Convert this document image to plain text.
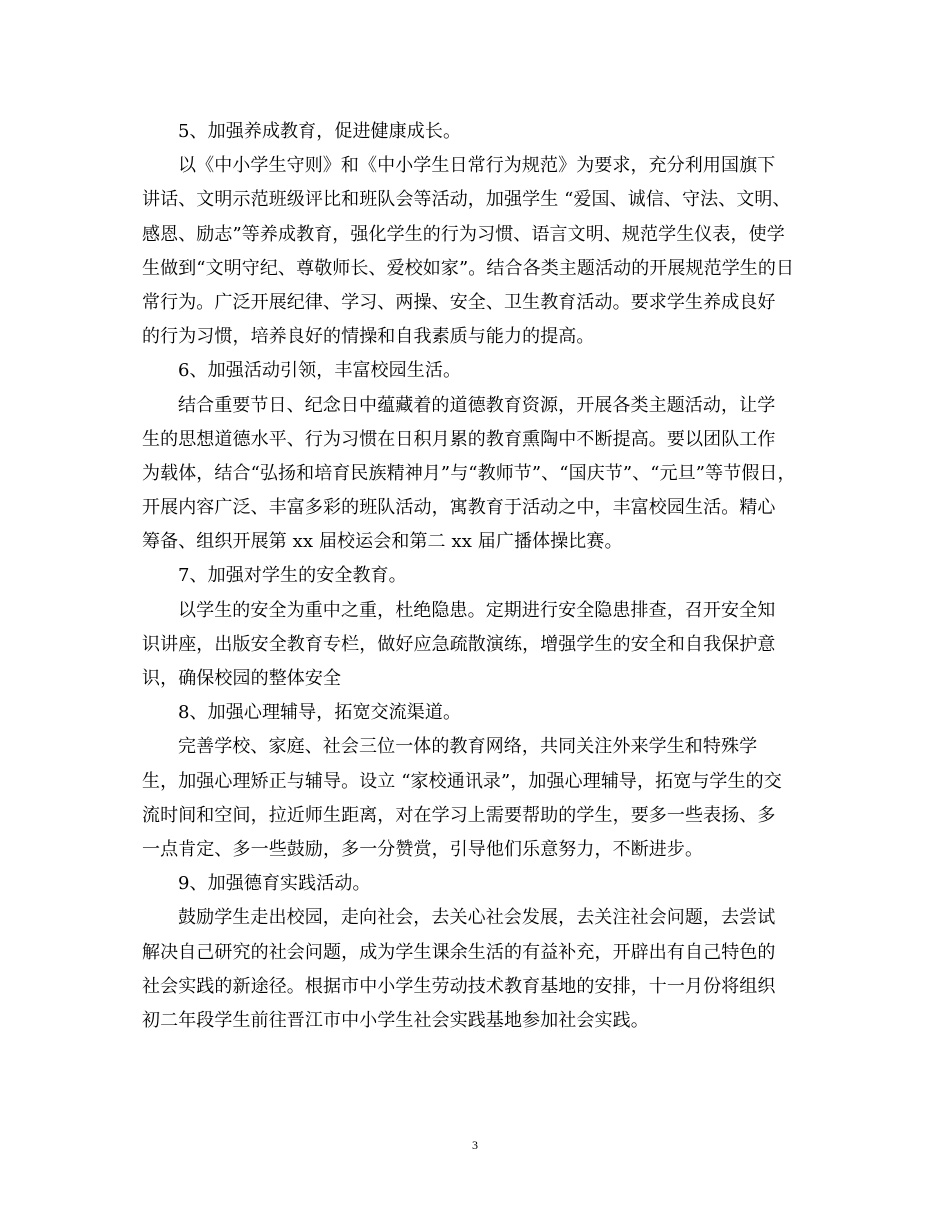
5、加强养成教育，促进健康成长。
以《中小学生守则》和《中小学生日常行为规范》为要求，充分利用国旗下
讲话、文明示范班级评比和班队会等活动，加强学生 “爱国、诚信、守法、文明、
感恩、励志”等养成教育，强化学生的行为习惯、语言文明、规范学生仪表，使学
生做到“文明守纪、尊敬师长、爱校如家”。结合各类主题活动的开展规范学生的日
常行为。广泛开展纪律、学习、两操、安全、卫生教育活动。要求学生养成良好
的行为习惯，培养良好的情操和自我素质与能力的提高。
6、加强活动引领，丰富校园生活。
结合重要节日、纪念日中蕴藏着的道德教育资源，开展各类主题活动，让学
生的思想道德水平、行为习惯在日积月累的教育熏陶中不断提高。要以团队工作
为载体，结合“弘扬和培育民族精神月”与“教师节”、“国庆节”、“元旦”等节假日，
开展内容广泛、丰富多彩的班队活动，寓教育于活动之中，丰富校园生活。精心
筹备、组织开展第 xx 届校运会和第二 xx 届广播体操比赛。
7、加强对学生的安全教育。
以学生的安全为重中之重，杜绝隐患。定期进行安全隐患排查，召开安全知
识讲座，出版安全教育专栏，做好应急疏散演练，增强学生的安全和自我保护意
识，确保校园的整体安全
8、加强心理辅导，拓宽交流渠道。
完善学校、家庭、社会三位一体的教育网络，共同关注外来学生和特殊学
生，加强心理矫正与辅导。设立 “家校通讯录”，加强心理辅导，拓宽与学生的交
流时间和空间，拉近师生距离，对在学习上需要帮助的学生，要多一些表扬、多
一点肯定、多一些鼓励，多一分赞赏，引导他们乐意努力，不断进步。
9、加强德育实践活动。
鼓励学生走出校园，走向社会，去关心社会发展，去关注社会问题，去尝试
解决自己研究的社会问题，成为学生课余生活的有益补充，开辟出有自己特色的
社会实践的新途径。根据市中小学生劳动技术教育基地的安排，十一月份将组织
初二年段学生前往晋江市中小学生社会实践基地参加社会实践。
3
